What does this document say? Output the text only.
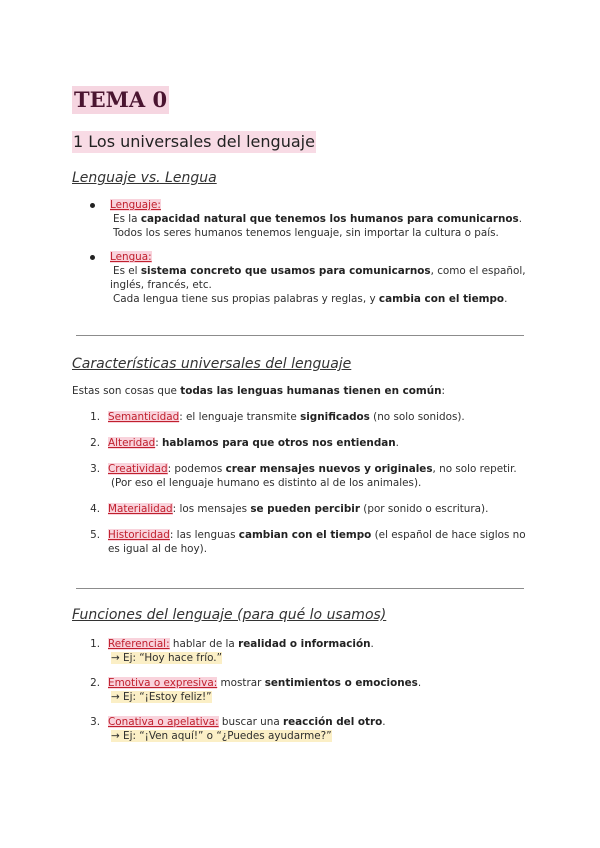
TEMA 0
1 Los universales del lenguaje
Lenguaje vs. Lengua
Lenguaje:
Es la capacidad natural que tenemos los humanos para comunicarnos.
Todos los seres humanos tenemos lenguaje, sin importar la cultura o país.
Lengua:
Es el sistema concreto que usamos para comunicarnos, como el español,
inglés, francés, etc.
Cada lengua tiene sus propias palabras y reglas, y cambia con el tiempo.
Características universales del lenguaje
Estas son cosas que todas las lenguas humanas tienen en común:
1. Semanticidad: el lenguaje transmite significados (no solo sonidos).
2. Alteridad: hablamos para que otros nos entiendan.
3. Creatividad: podemos crear mensajes nuevos y originales, no solo repetir.
(Por eso el lenguaje humano es distinto al de los animales).
4. Materialidad: los mensajes se pueden percibir (por sonido o escritura).
5. Historicidad: las lenguas cambian con el tiempo (el español de hace siglos no
es igual al de hoy).
Funciones del lenguaje (para qué lo usamos)
1. Referencial: hablar de la realidad o información.
→ Ej: “Hoy hace frío.”
2. Emotiva o expresiva: mostrar sentimientos o emociones.
→ Ej: “¡Estoy feliz!”
3. Conativa o apelativa: buscar una reacción del otro.
→ Ej: “¡Ven aquí!” o “¿Puedes ayudarme?”
